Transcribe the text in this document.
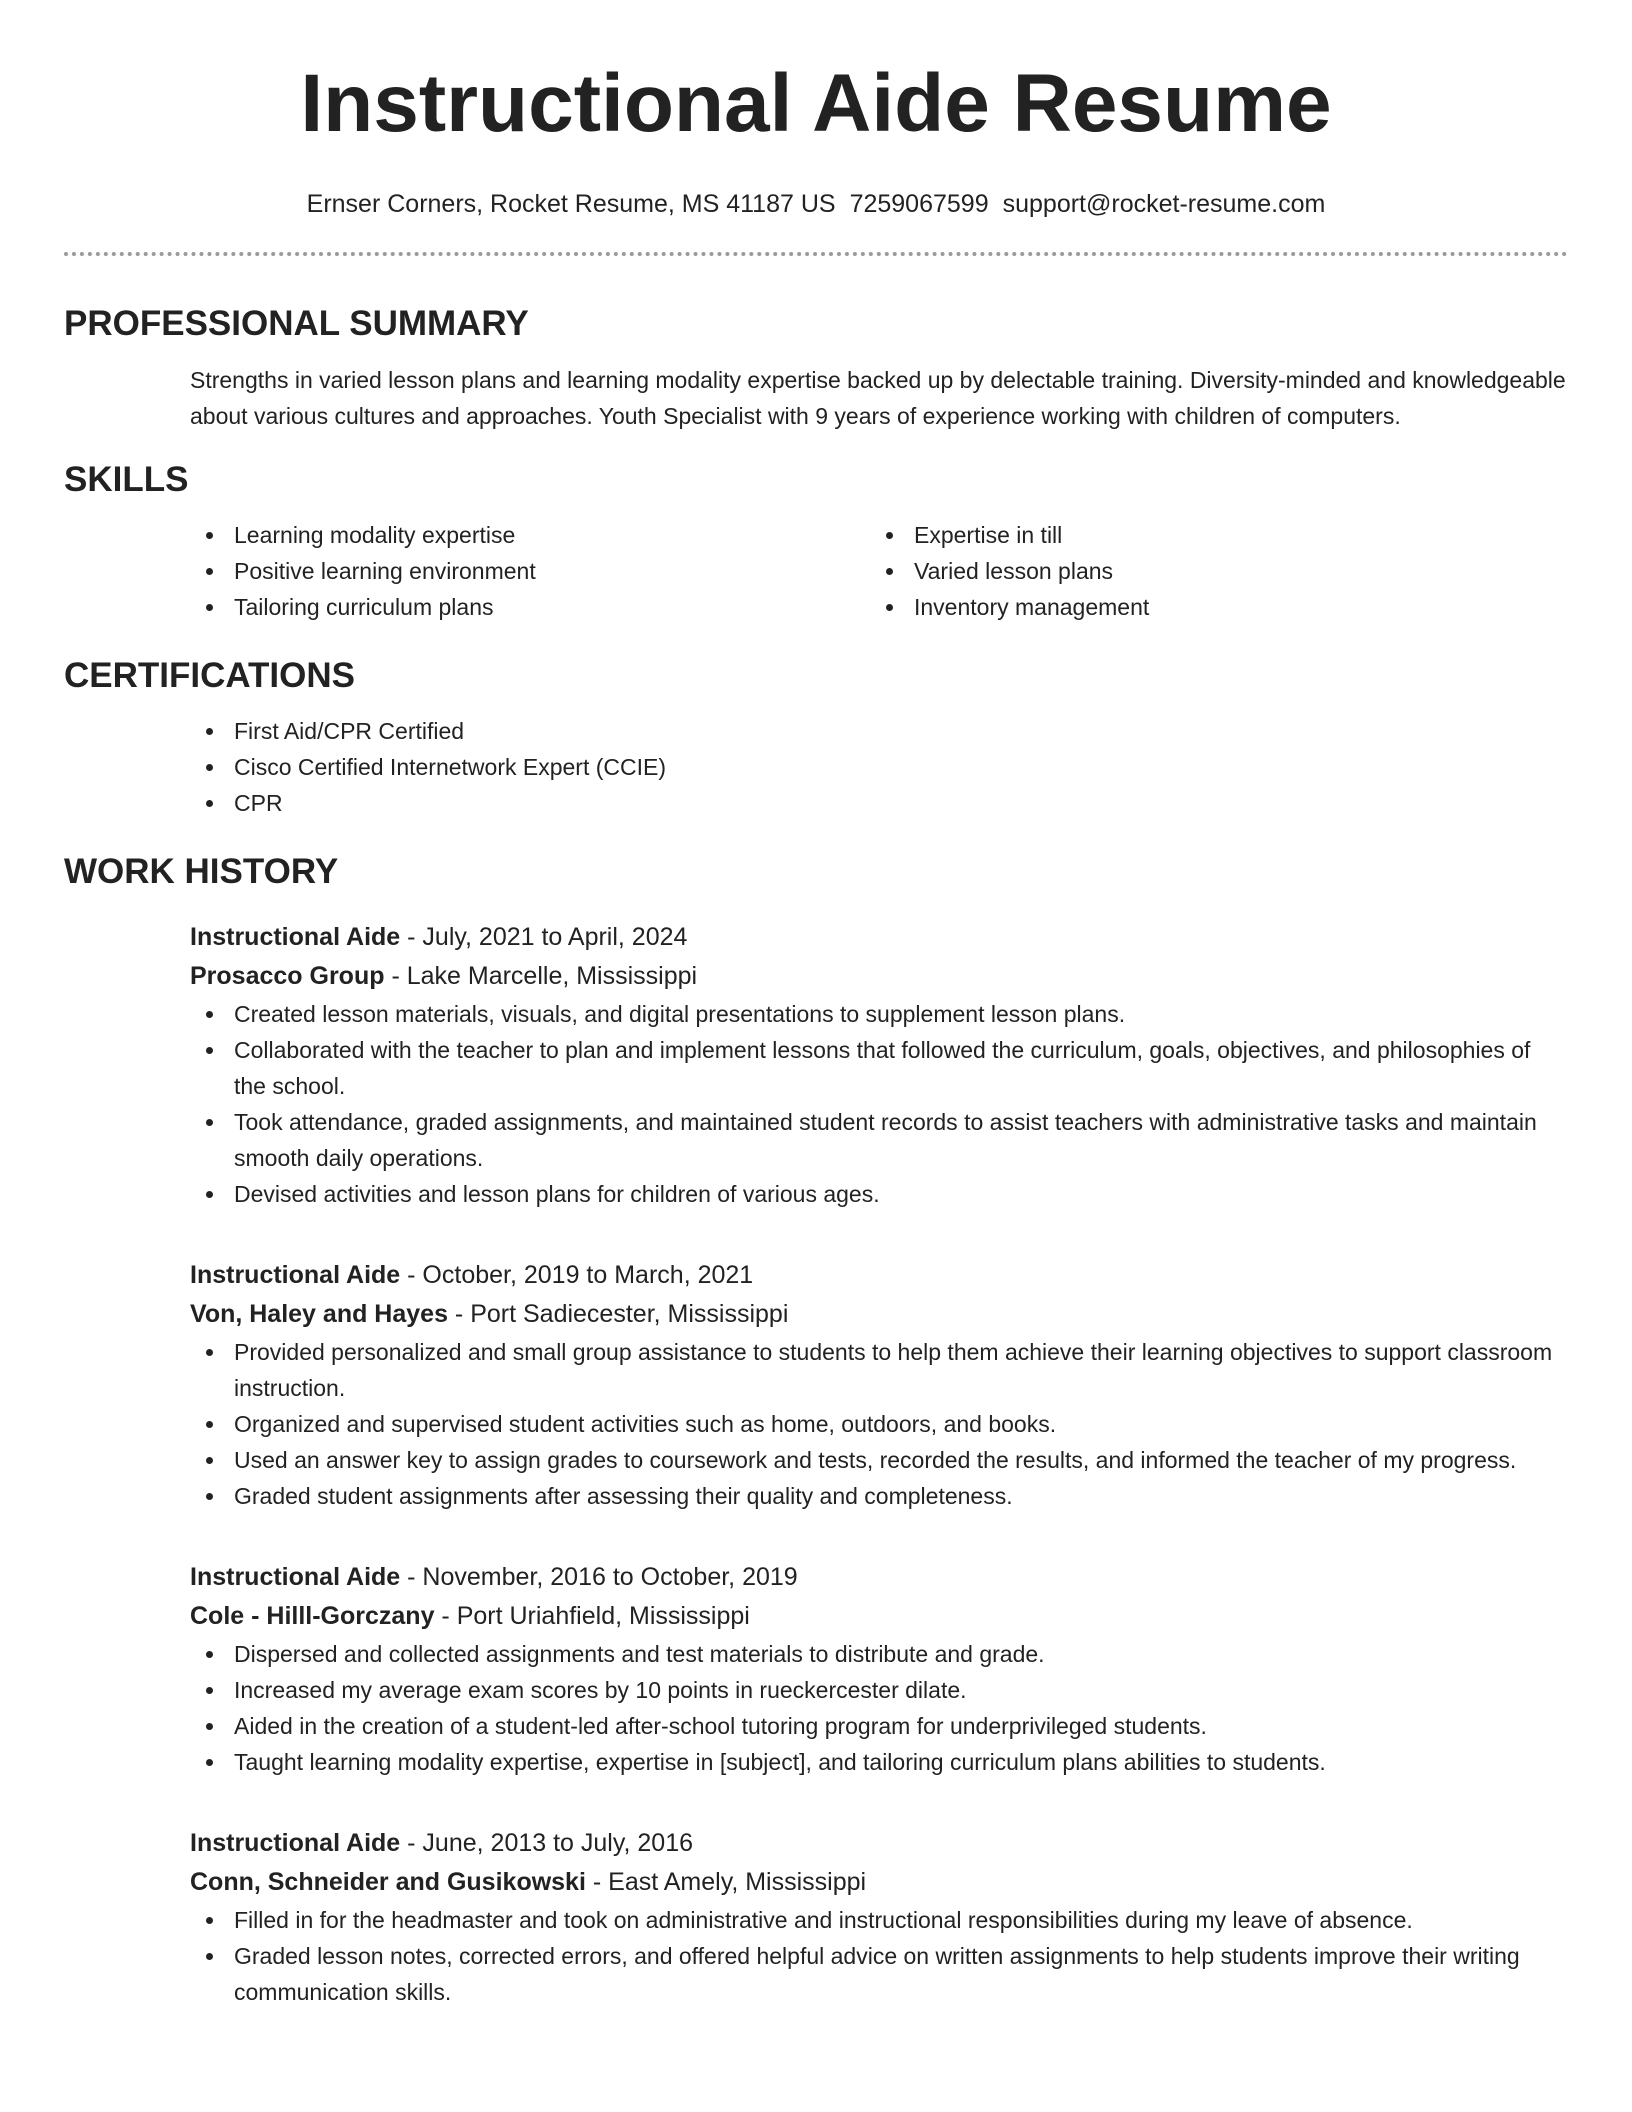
Instructional Aide Resume
Ernser Corners, Rocket Resume, MS 41187 US 7259067599 support@rocket-resume.com
PROFESSIONAL SUMMARY
Strengths in varied lesson plans and learning modality expertise backed up by delectable training. Diversity-minded and knowledgeable about various cultures and approaches. Youth Specialist with 9 years of experience working with children of computers.
SKILLS
Learning modality expertise
Positive learning environment
Tailoring curriculum plans
Expertise in till
Varied lesson plans
Inventory management
CERTIFICATIONS
First Aid/CPR Certified
Cisco Certified Internetwork Expert (CCIE)
CPR
WORK HISTORY
Instructional Aide - July, 2021 to April, 2024
Prosacco Group - Lake Marcelle, Mississippi
Created lesson materials, visuals, and digital presentations to supplement lesson plans.
Collaborated with the teacher to plan and implement lessons that followed the curriculum, goals, objectives, and philosophies of the school.
Took attendance, graded assignments, and maintained student records to assist teachers with administrative tasks and maintain smooth daily operations.
Devised activities and lesson plans for children of various ages.
Instructional Aide - October, 2019 to March, 2021
Von, Haley and Hayes - Port Sadiecester, Mississippi
Provided personalized and small group assistance to students to help them achieve their learning objectives to support classroom instruction.
Organized and supervised student activities such as home, outdoors, and books.
Used an answer key to assign grades to coursework and tests, recorded the results, and informed the teacher of my progress.
Graded student assignments after assessing their quality and completeness.
Instructional Aide - November, 2016 to October, 2019
Cole - Hilll-Gorczany - Port Uriahfield, Mississippi
Dispersed and collected assignments and test materials to distribute and grade.
Increased my average exam scores by 10 points in rueckercester dilate.
Aided in the creation of a student-led after-school tutoring program for underprivileged students.
Taught learning modality expertise, expertise in [subject], and tailoring curriculum plans abilities to students.
Instructional Aide - June, 2013 to July, 2016
Conn, Schneider and Gusikowski - East Amely, Mississippi
Filled in for the headmaster and took on administrative and instructional responsibilities during my leave of absence.
Graded lesson notes, corrected errors, and offered helpful advice on written assignments to help students improve their writing communication skills.
